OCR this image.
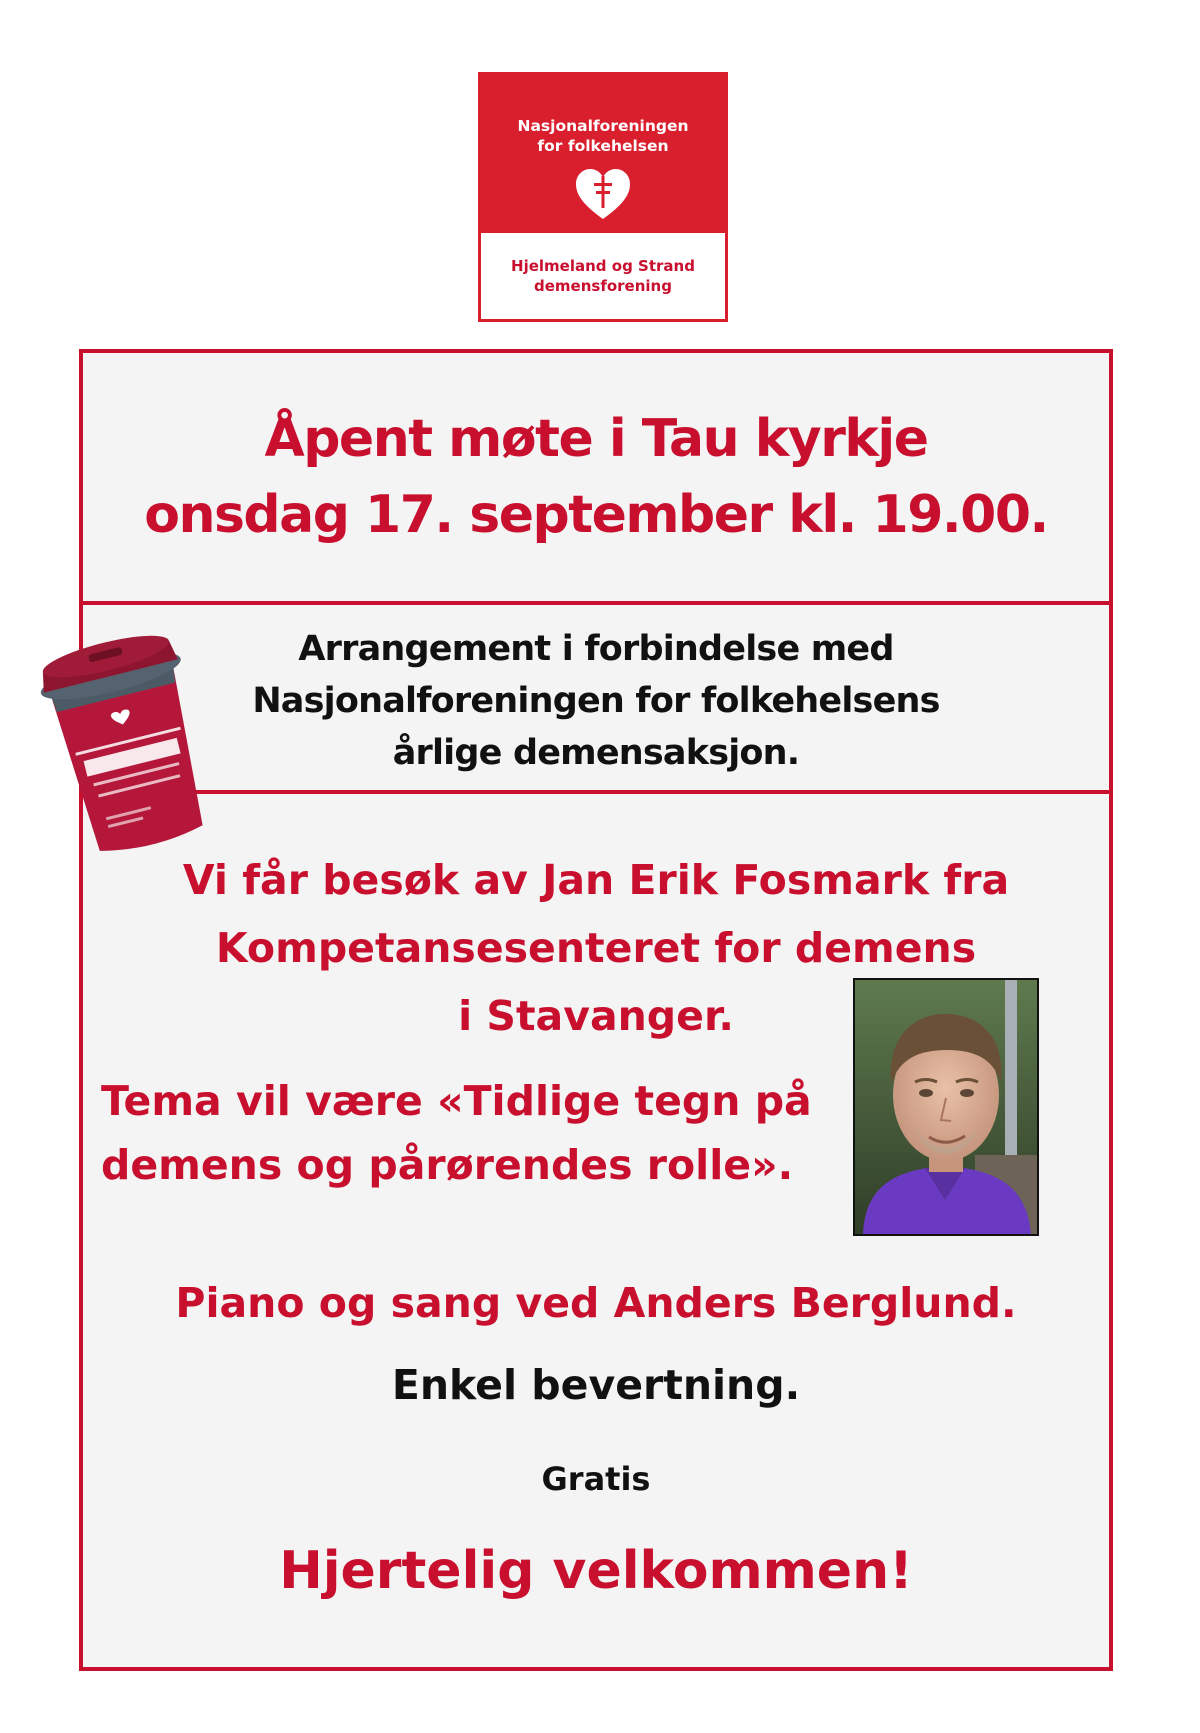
Nasjonalforeningen
for folkehelsen
Hjelmeland og Strand
demensforening
Åpent møte i Tau kyrkje
onsdag 17. september kl. 19.00.
Arrangement i forbindelse med
Nasjonalforeningen for folkehelsens
årlige demensaksjon.
Vi får besøk av Jan Erik Fosmark fra
Kompetansesenteret for demens
i Stavanger.
Tema vil være «Tidlige tegn på
demens og pårørendes rolle».
Piano og sang ved Anders Berglund.
Enkel bevertning.
Gratis
Hjertelig velkommen!
